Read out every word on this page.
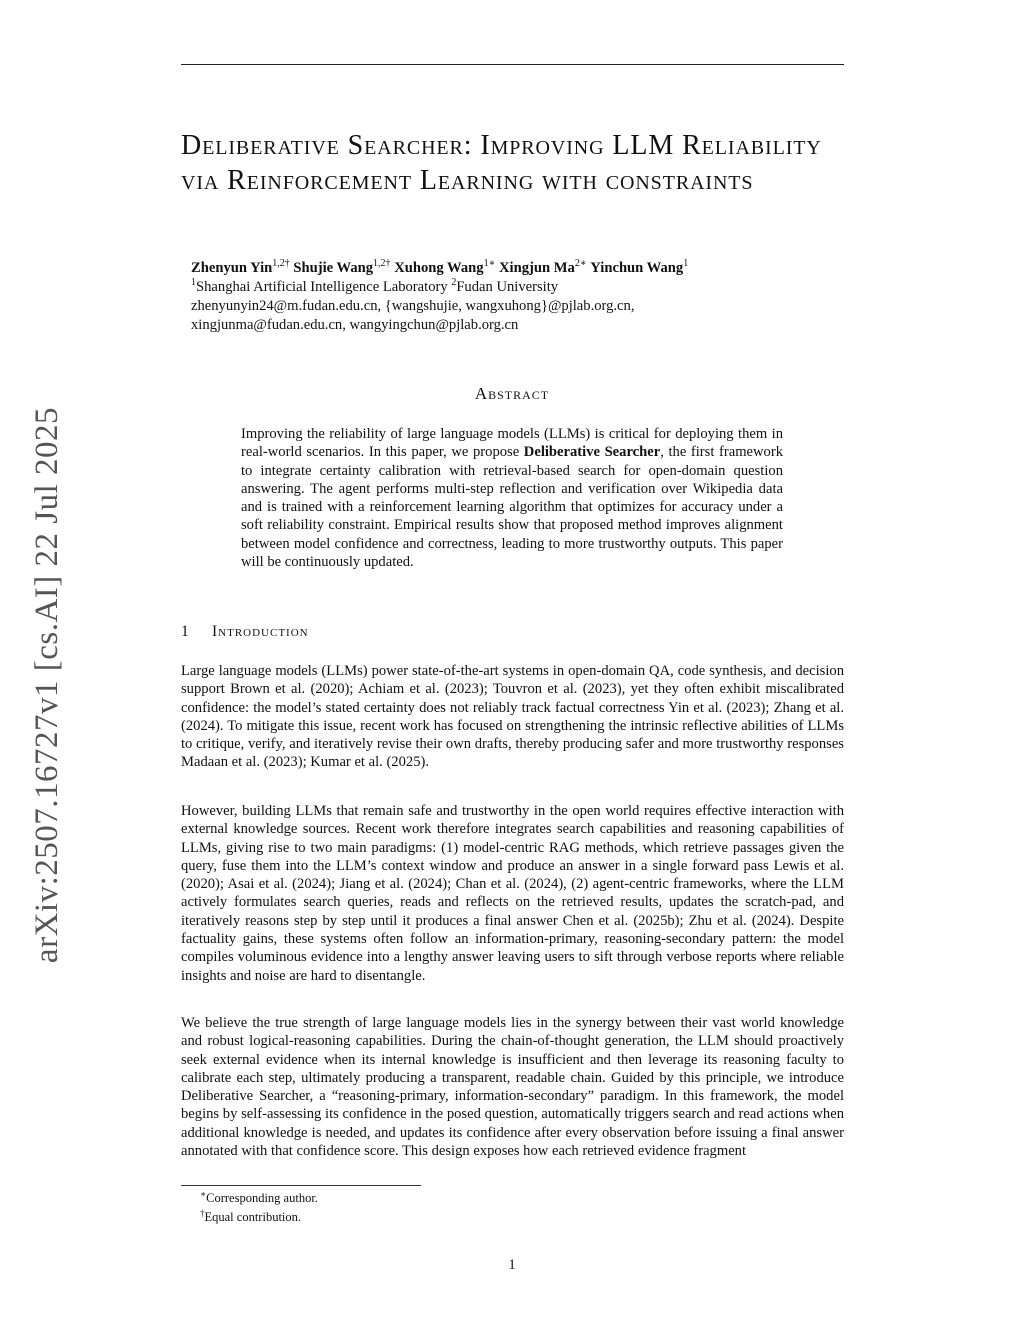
arXiv:2507.16727v1 [cs.AI] 22 Jul 2025
Deliberative Searcher: Improving LLM Reliability via Reinforcement Learning with constraints
Zhenyun Yin$^{1,2\dagger}$ Shujie Wang$^{1,2\dagger}$ Xuhong Wang$^{1∗}$ Xingjun $Ma^{2∗}$ Yinchun Wang$^1$
$^1$Shanghai Artificial Intelligence Laboratory $^2$Fudan University
zhenyunyin24@m.fudan.edu.cn, {wangshujie, wangxuhong}@pjlab.org.cn,
xingjunma@fudan.edu.cn, wangyingchun@pjlab.org.cn
Abstract

Improving the reliability of large language models (LLMs) is critical for deploying them in real-world scenarios. In this paper, we propose Deliberative Searcher, the first framework to integrate certainty calibration with retrieval-based search for open-domain question answering. The agent performs multi-step reflection and verification over Wikipedia data and is trained with a reinforcement learning algorithm that optimizes for accuracy under a soft reliability constraint. Empirical results show that proposed method improves alignment between model confidence and correctness, leading to more trustworthy outputs. This paper will be continuously updated.

1 Introduction

Large language models (LLMs) power state-of-the-art systems in open-domain QA, code synthesis, and decision support Brown et al. (2020); Achiam et al. (2023); Touvron et al. (2023), yet they often exhibit miscalibrated confidence: the model’s stated certainty does not reliably track factual correctness Yin et al. (2023); Zhang et al. (2024). To mitigate this issue, recent work has focused on strengthening the intrinsic reflective abilities of LLMs to critique, verify, and iteratively revise their own drafts, thereby producing safer and more trustworthy responses Madaan et al. (2023); Kumar et al. (2025).

However, building LLMs that remain safe and trustworthy in the open world requires effective interaction with external knowledge sources. Recent work therefore integrates search capabilities and reasoning capabilities of LLMs, giving rise to two main paradigms: (1) model-centric RAG methods, which retrieve passages given the query, fuse them into the LLM’s context window and produce an answer in a single forward pass Lewis et al. (2020); Asai et al. (2024); Jiang et al. (2024); Chan et al. (2024), (2) agent-centric frameworks, where the LLM actively formulates search queries, reads and reflects on the retrieved results, updates the scratch-pad, and iteratively reasons step by step until it produces a final answer Chen et al. (2025b); Zhu et al. (2024). Despite factuality gains, these systems often follow an information-primary, reasoning-secondary pattern: the model compiles voluminous evidence into a lengthy answer leaving users to sift through verbose reports where reliable insights and noise are hard to disentangle.

We believe the true strength of large language models lies in the synergy between their vast world knowledge and robust logical-reasoning capabilities. During the chain-of-thought generation, the LLM should proactively seek external evidence when its internal knowledge is insufficient and then leverage its reasoning faculty to calibrate each step, ultimately producing a transparent, readable chain. Guided by this principle, we introduce Deliberative Searcher, a “reasoning-primary, information-secondary” paradigm. In this framework, the model begins by self-assessing its confidence in the posed question, automatically triggers search and read actions when additional knowledge is needed, and updates its confidence after every observation before issuing a final answer annotated with that confidence score. This design exposes how each retrieved evidence fragment

∗Corresponding author.
†Equal contribution.
1
